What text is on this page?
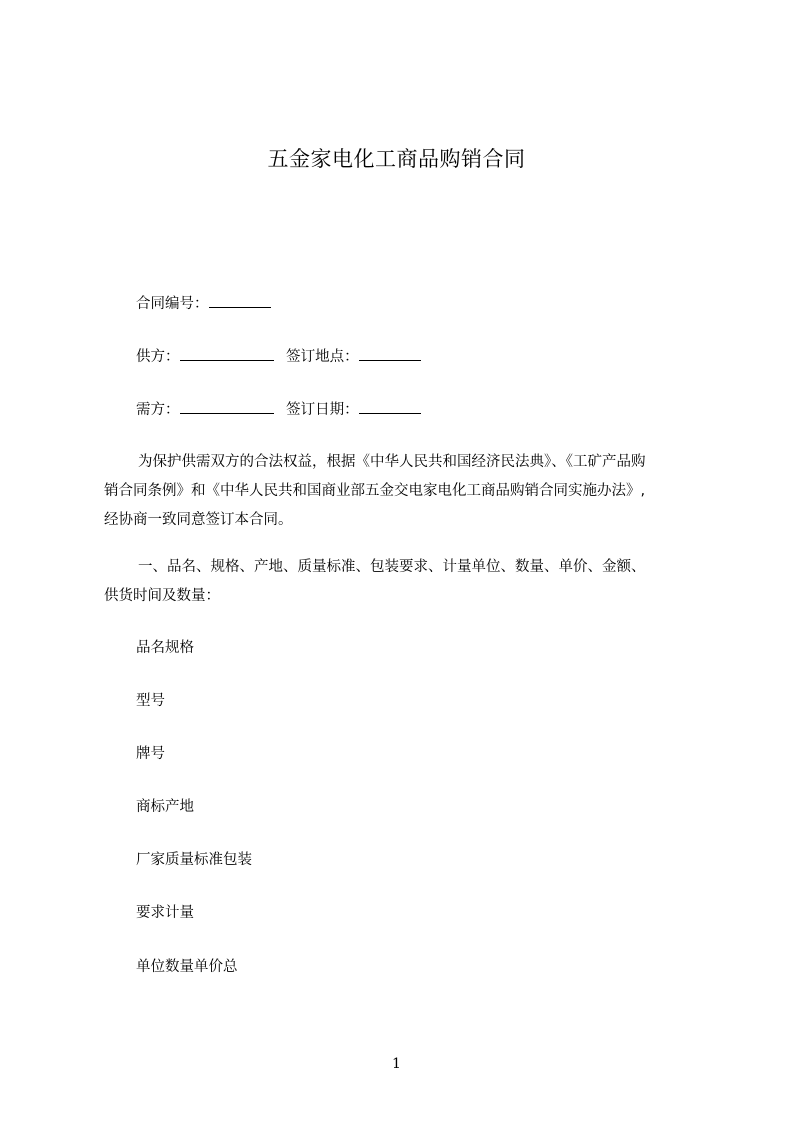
五金家电化工商品购销合同
合同编号：
供方：	签订地点：
需方：	签订日期：
为保护供需双方的合法权益，根据《中华人民共和国经济民法典》、《工矿产品购
销合同条例》和《中华人民共和国商业部五金交电家电化工商品购销合同实施办法》,
经协商一致同意签订本合同。
一、品名、规格、产地、质量标准、包装要求、计量单位、数量、单价、金额、
供货时间及数量：
品名规格
型号
牌号
商标产地
厂家质量标准包装
要求计量
单位数量单价总
1
